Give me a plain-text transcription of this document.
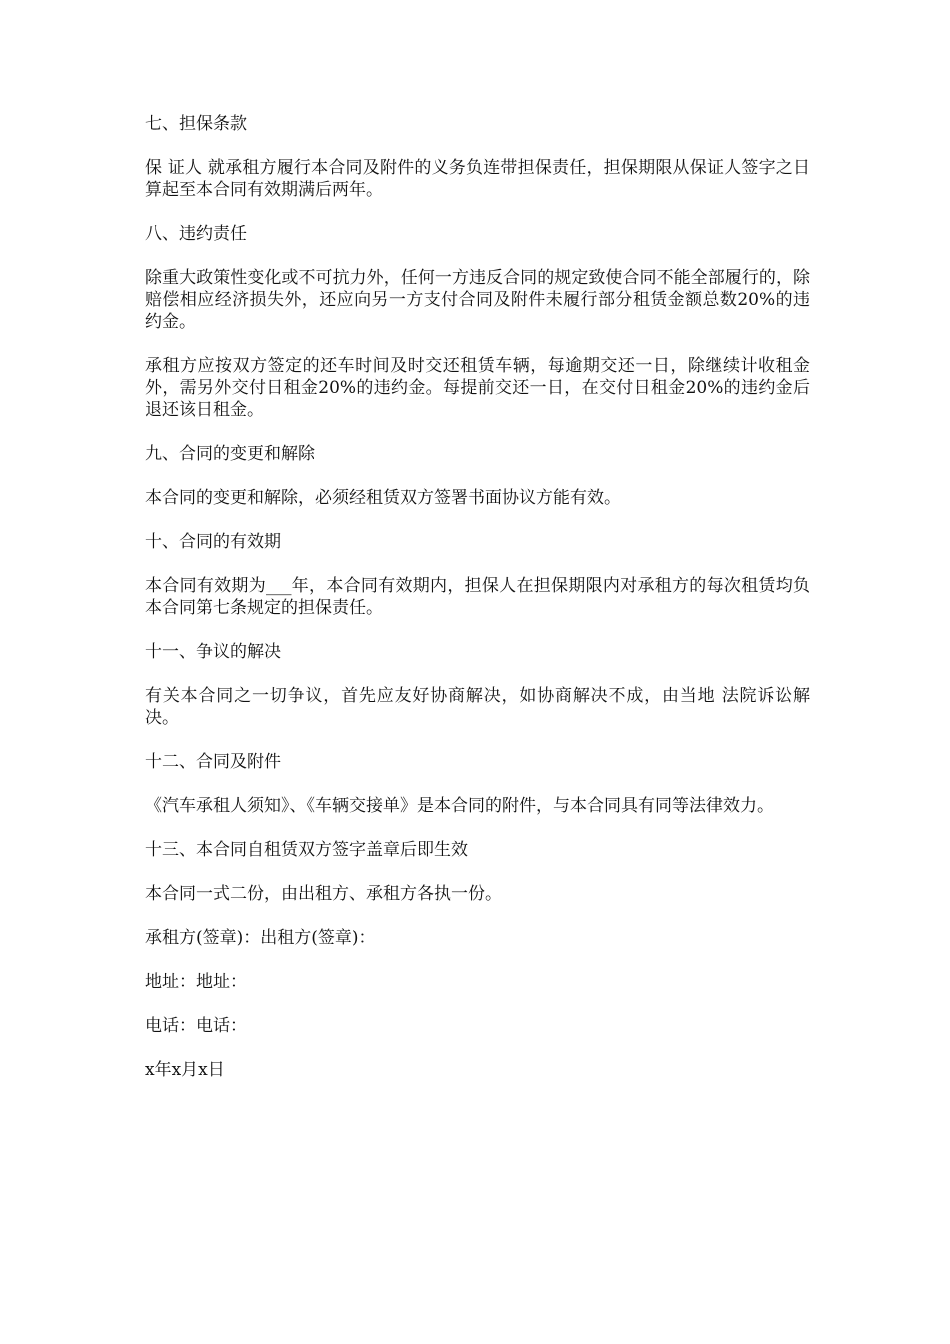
七、担保条款

保 证人 就承租方履行本合同及附件的义务负连带担保责任，担保期限从保证人签字之日算起至本合同有效期满后两年。

八、违约责任

除重大政策性变化或不可抗力外，任何一方违反合同的规定致使合同不能全部履行的，除赔偿相应经济损失外，还应向另一方支付合同及附件未履行部分租赁金额总数20%的违约金。

承租方应按双方签定的还车时间及时交还租赁车辆，每逾期交还一日，除继续计收租金外，需另外交付日租金20%的违约金。每提前交还一日，在交付日租金20%的违约金后退还该日租金。

九、合同的变更和解除

本合同的变更和解除，必须经租赁双方签署书面协议方能有效。

十、合同的有效期

本合同有效期为___年，本合同有效期内，担保人在担保期限内对承租方的每次租赁均负本合同第七条规定的担保责任。

十一、争议的解决

有关本合同之一切争议，首先应友好协商解决，如协商解决不成，由当地 法院诉讼解决。

十二、合同及附件

《汽车承租人须知》、《车辆交接单》是本合同的附件，与本合同具有同等法律效力。

十三、本合同自租赁双方签字盖章后即生效

本合同一式二份，由出租方、承租方各执一份。

承租方(签章)：出租方(签章)：

地址：地址：

电话：电话：

x年x月x日
